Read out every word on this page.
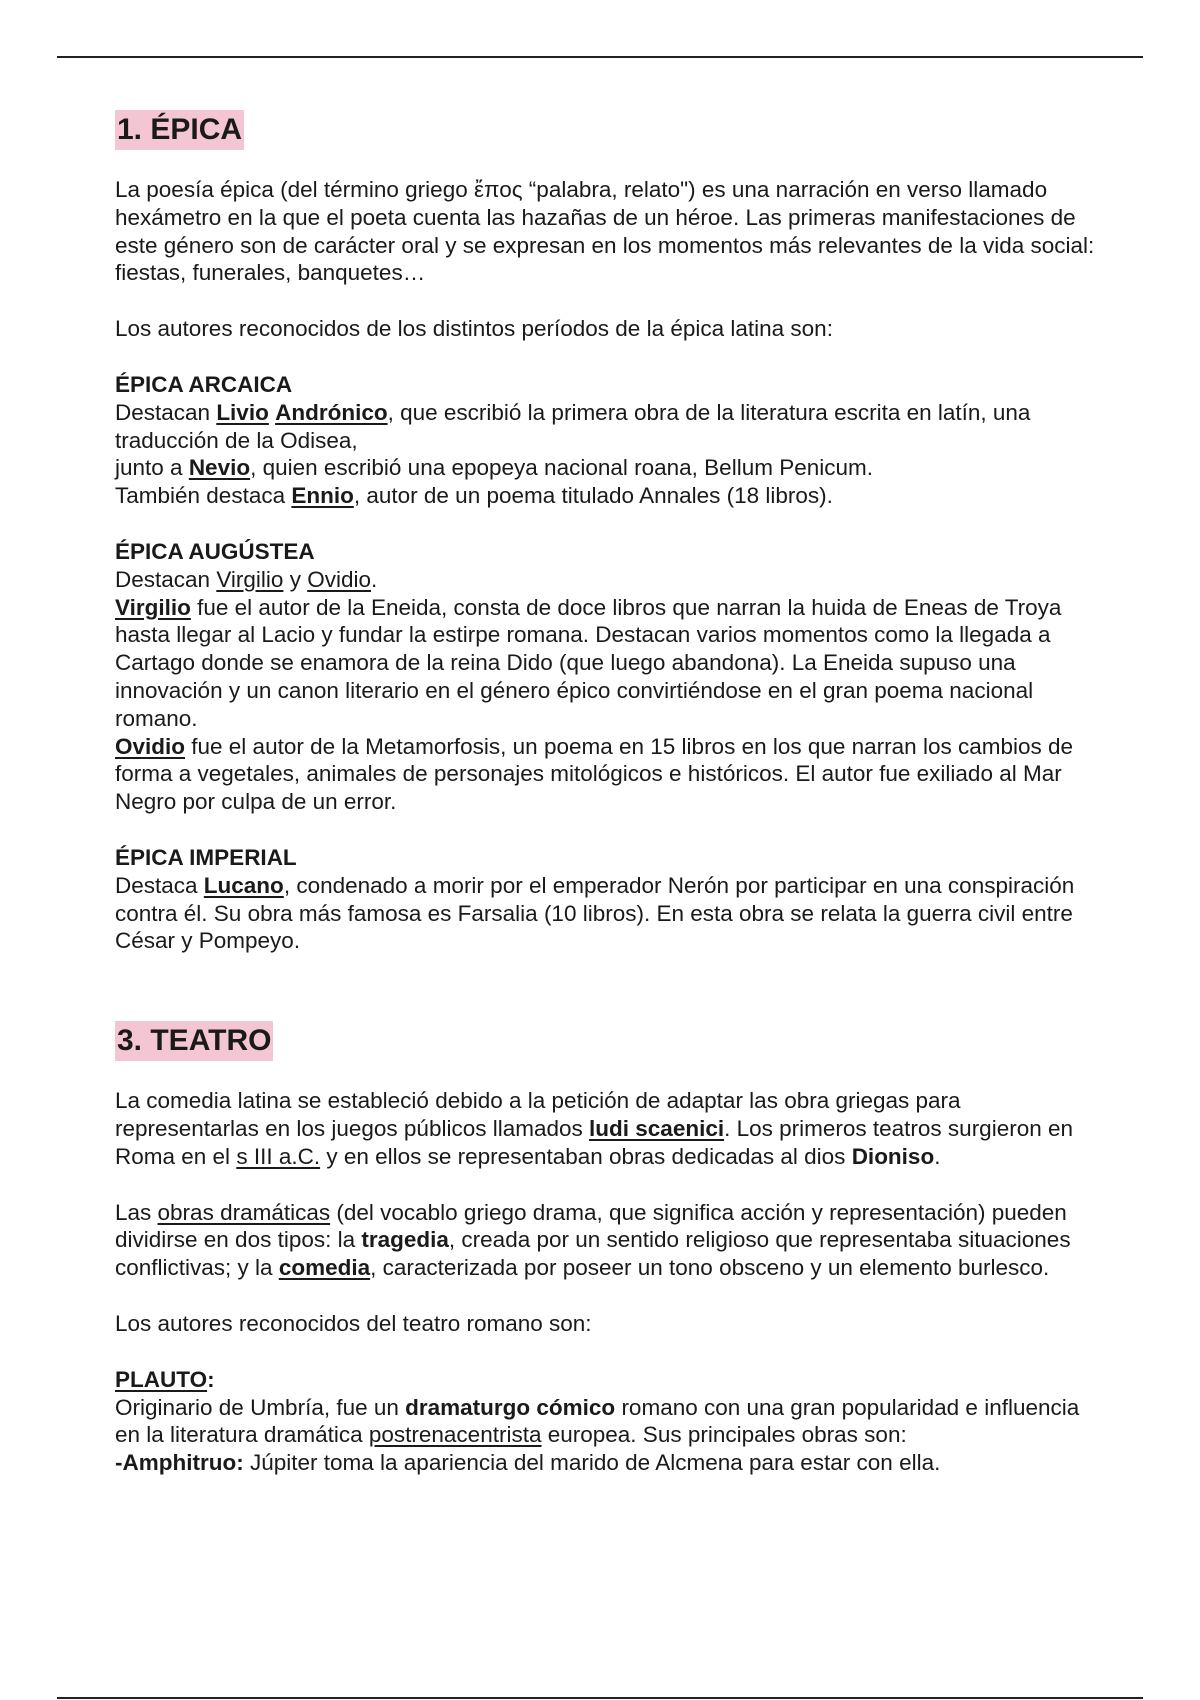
1. ÉPICA

La poesía épica (del término griego ἔπος “palabra, relato") es una narración en verso llamado hexámetro en la que el poeta cuenta las hazañas de un héroe. Las primeras manifestaciones de este género son de carácter oral y se expresan en los momentos más relevantes de la vida social: fiestas, funerales, banquetes…

Los autores reconocidos de los distintos períodos de la épica latina son:

ÉPICA ARCAICA
Destacan Livio Andrónico, que escribió la primera obra de la literatura escrita en latín, una traducción de la Odisea,
junto a Nevio, quien escribió una epopeya nacional roana, Bellum Penicum.
También destaca Ennio, autor de un poema titulado Annales (18 libros).

ÉPICA AUGÚSTEA
Destacan Virgilio y Ovidio.
Virgilio fue el autor de la Eneida, consta de doce libros que narran la huida de Eneas de Troya hasta llegar al Lacio y fundar la estirpe romana. Destacan varios momentos como la llegada a Cartago donde se enamora de la reina Dido (que luego abandona). La Eneida supuso una innovación y un canon literario en el género épico convirtiéndose en el gran poema nacional romano.
Ovidio fue el autor de la Metamorfosis, un poema en 15 libros en los que narran los cambios de forma a vegetales, animales de personajes mitológicos e históricos. El autor fue exiliado al Mar Negro por culpa de un error.

ÉPICA IMPERIAL
Destaca Lucano, condenado a morir por el emperador Nerón por participar en una conspiración contra él. Su obra más famosa es Farsalia (10 libros). En esta obra se relata la guerra civil entre César y Pompeyo.

3. TEATRO

La comedia latina se estableció debido a la petición de adaptar las obra griegas para representarlas en los juegos públicos llamados ludi scaenici. Los primeros teatros surgieron en Roma en el s III a.C. y en ellos se representaban obras dedicadas al dios Dioniso.

Las obras dramáticas (del vocablo griego drama, que significa acción y representación) pueden dividirse en dos tipos: la tragedia, creada por un sentido religioso que representaba situaciones conflictivas; y la comedia, caracterizada por poseer un tono obsceno y un elemento burlesco.

Los autores reconocidos del teatro romano son:

PLAUTO:
Originario de Umbría, fue un dramaturgo cómico romano con una gran popularidad e influencia en la literatura dramática postrenacentrista europea. Sus principales obras son:
-Amphitruo: Júpiter toma la apariencia del marido de Alcmena para estar con ella.
